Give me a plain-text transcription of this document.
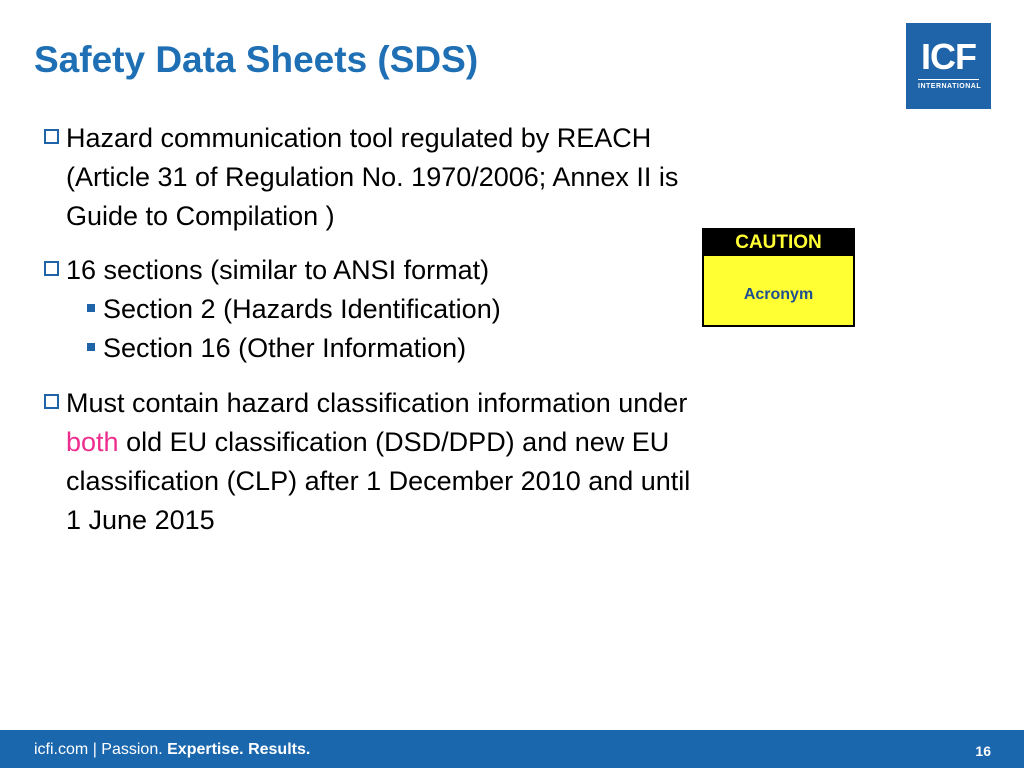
Safety Data Sheets (SDS)	ICF
INTERNATIONAL
Hazard communication tool regulated by REACH
(Article 31 of Regulation No. 1970/2006; Annex II is
Guide to Compilation )
16 sections (similar to ANSI format)
Section 2 (Hazards Identification)
Section 16 (Other Information)
Must contain hazard classification information under
both old EU classification (DSD/DPD) and new EU
classification (CLP) after 1 December 2010 and until
1 June 2015
CAUTION
Acronym
icfi.com | Passion. Expertise. Results.	16
